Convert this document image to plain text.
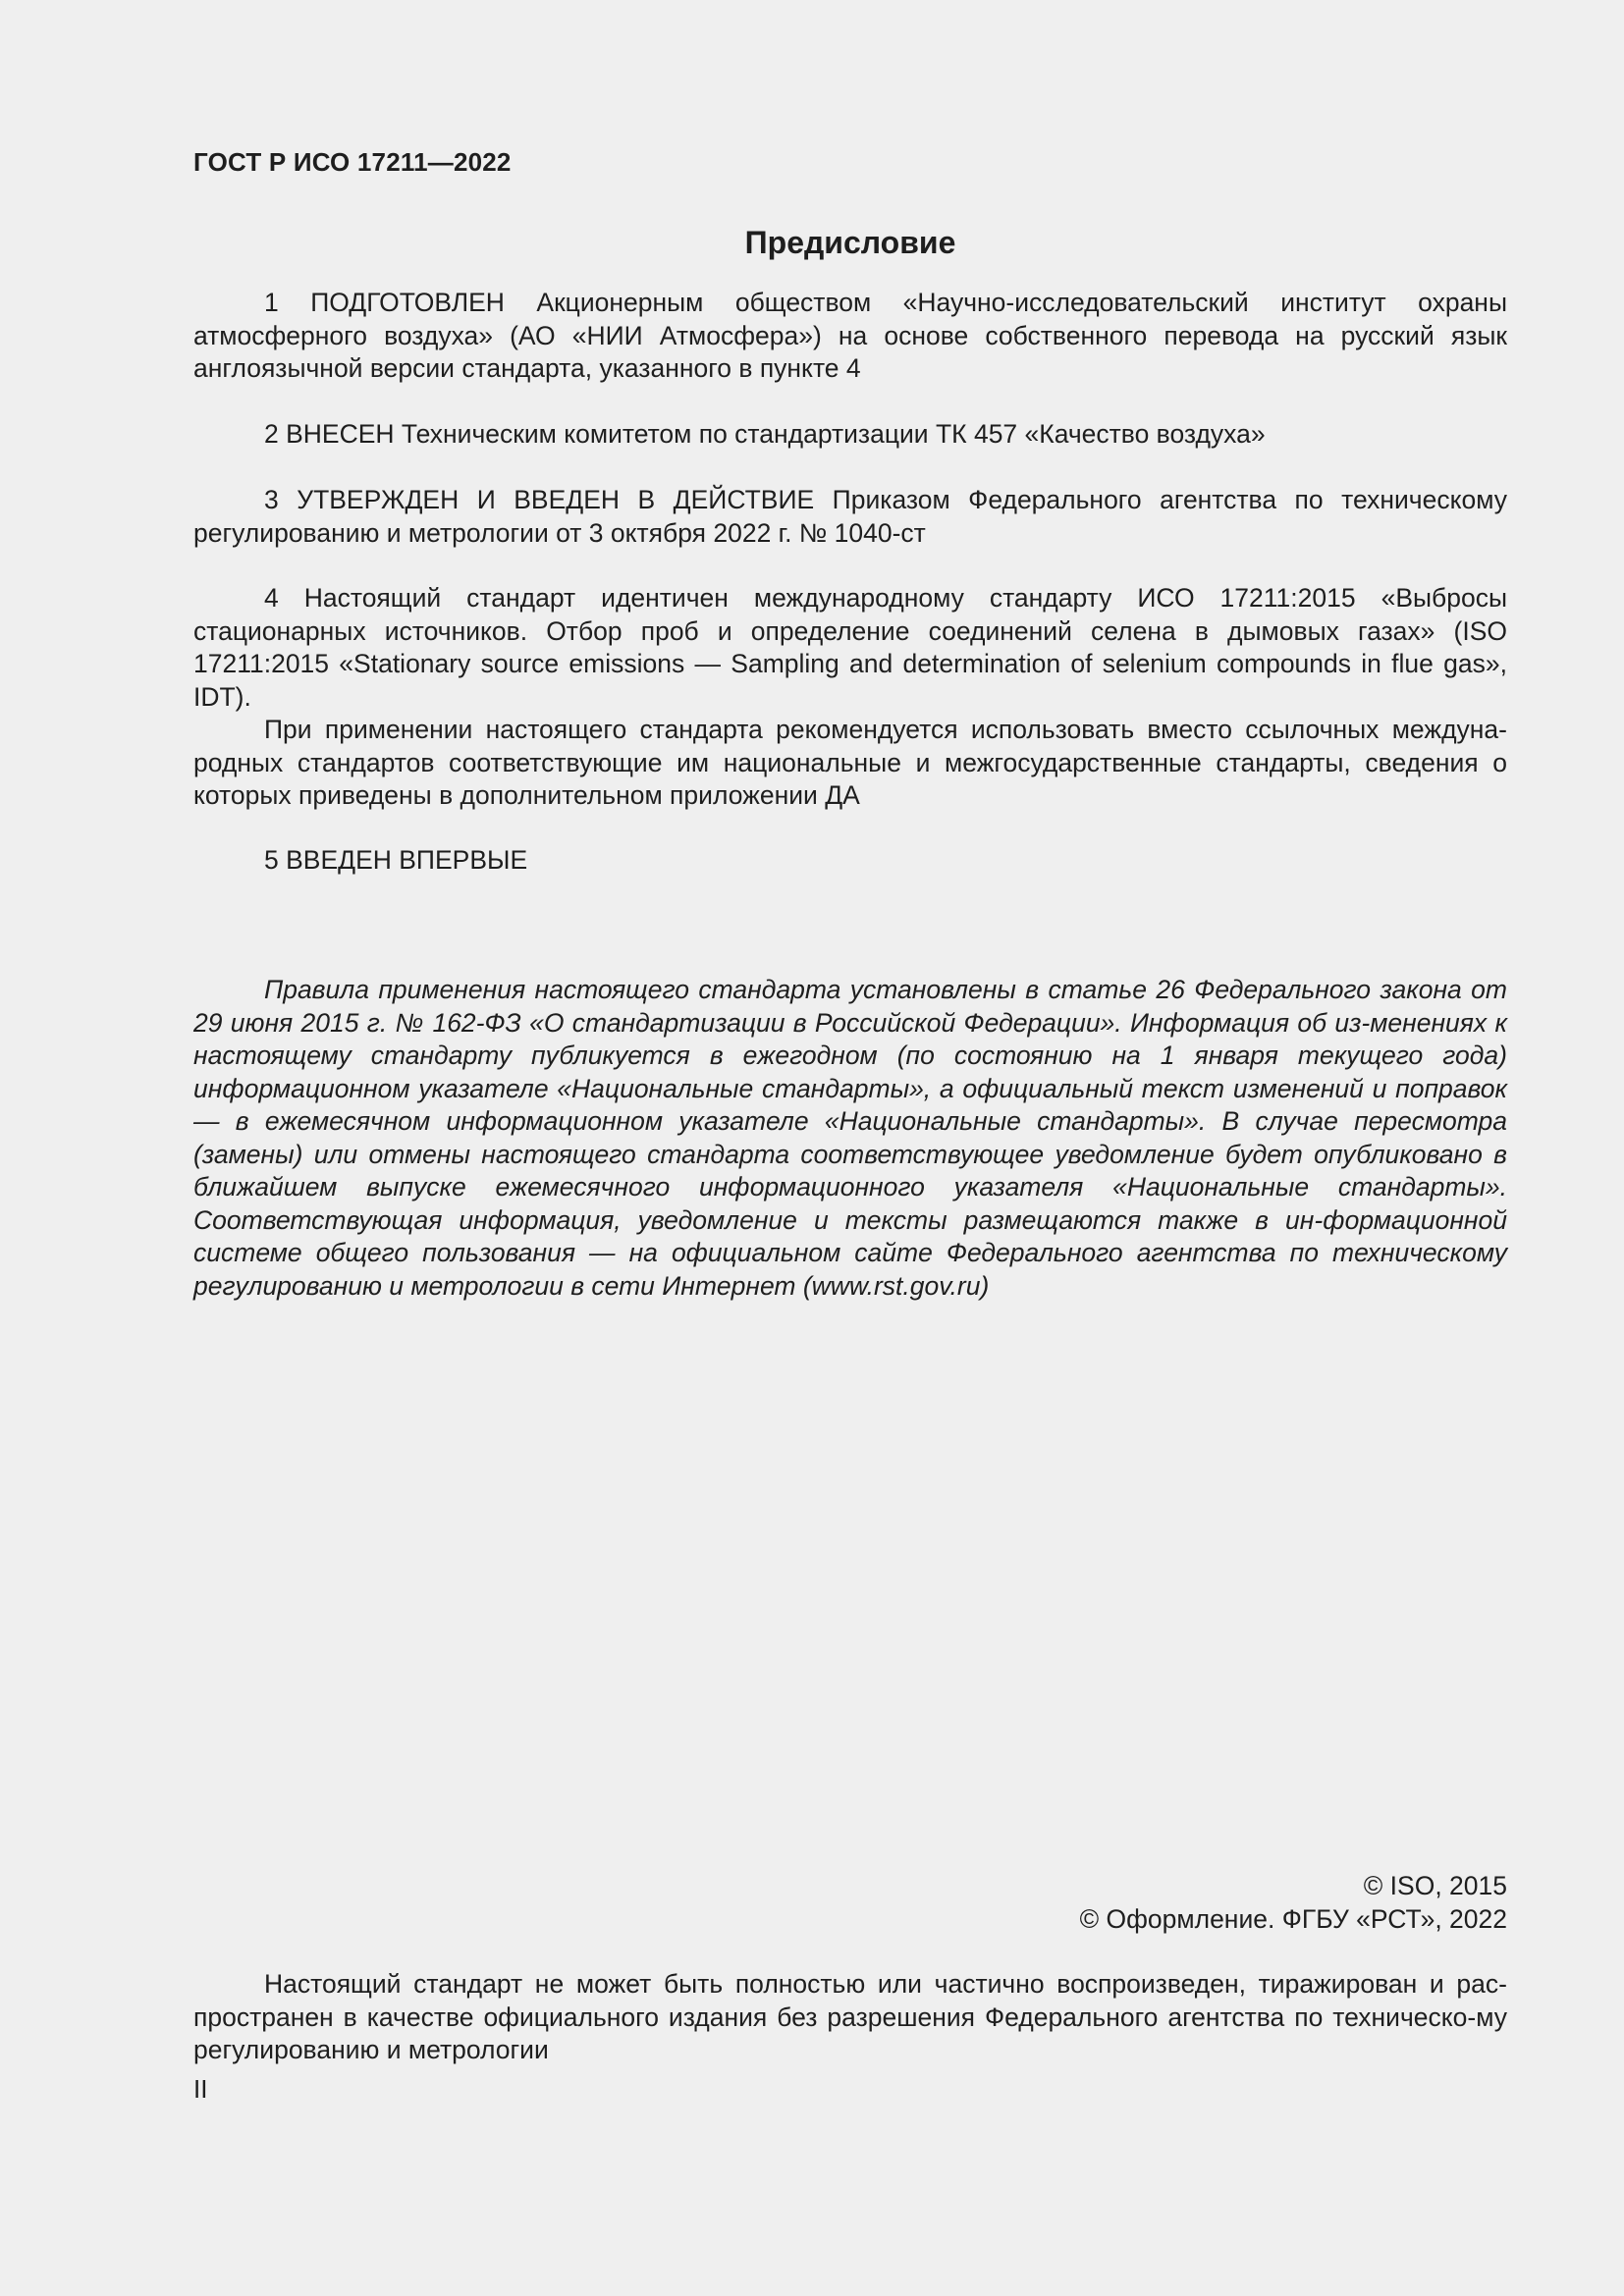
ГОСТ Р ИСО 17211—2022
Предисловие

1 ПОДГОТОВЛЕН Акционерным обществом «Научно-исследовательский институт охраны атмосферного воздуха» (АО «НИИ Атмосфера») на основе собственного перевода на русский язык англоязычной версии стандарта, указанного в пункте 4

2 ВНЕСЕН Техническим комитетом по стандартизации ТК 457 «Качество воздуха»

3 УТВЕРЖДЕН И ВВЕДЕН В ДЕЙСТВИЕ Приказом Федерального агентства по техническому регулированию и метрологии от 3 октября 2022 г. № 1040-ст

4 Настоящий стандарт идентичен международному стандарту ИСО 17211:2015 «Выбросы стационарных источников. Отбор проб и определение соединений селена в дымовых газах» (ISO 17211:2015 «Stationary source emissions — Sampling and determination of selenium compounds in flue gas», IDT).

При применении настоящего стандарта рекомендуется использовать вместо ссылочных междуна-родных стандартов соответствующие им национальные и межгосударственные стандарты, сведения о которых приведены в дополнительном приложении ДА

5 ВВЕДЕН ВПЕРВЫЕ

Правила применения настоящего стандарта установлены в статье 26 Федерального закона от 29 июня 2015 г. № 162-ФЗ «О стандартизации в Российской Федерации». Информация об из-менениях к настоящему стандарту публикуется в ежегодном (по состоянию на 1 января текущего года) информационном указателе «Национальные стандарты», а официальный текст изменений и поправок — в ежемесячном информационном указателе «Национальные стандарты». В случае пересмотра (замены) или отмены настоящего стандарта соответствующее уведомление будет опубликовано в ближайшем выпуске ежемесячного информационного указателя «Национальные стандарты». Соответствующая информация, уведомление и тексты размещаются также в ин-формационной системе общего пользования — на официальном сайте Федерального агентства по техническому регулированию и метрологии в сети Интернет (www.rst.gov.ru)

© ISO, 2015
© Оформление. ФГБУ «РСТ», 2022

Настоящий стандарт не может быть полностью или частично воспроизведен, тиражирован и рас-пространен в качестве официального издания без разрешения Федерального агентства по техническо-му регулированию и метрологии

II
